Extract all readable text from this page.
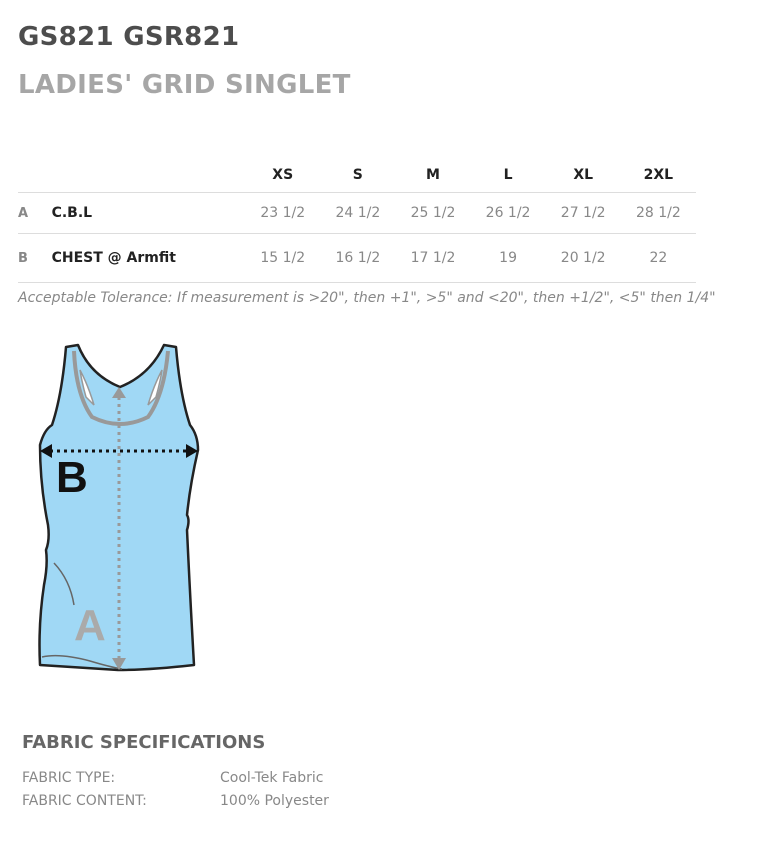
GS821 GSR821
LADIES' GRID SINGLET
		XS	S	M	L	XL	2XL
A	C.B.L	23 1/2	24 1/2	25 1/2	26 1/2	27 1/2	28 1/2
B	CHEST @ Armfit	15 1/2	16 1/2	17 1/2	19	20 1/2	22

Acceptable Tolerance: If measurement is >20", then +1", >5" and <20", then +1/2", <5" then 1/4"

B
A
FABRIC SPECIFICATIONS
FABRIC TYPE:	Cool-Tek Fabric
FABRIC CONTENT:	100% Polyester
